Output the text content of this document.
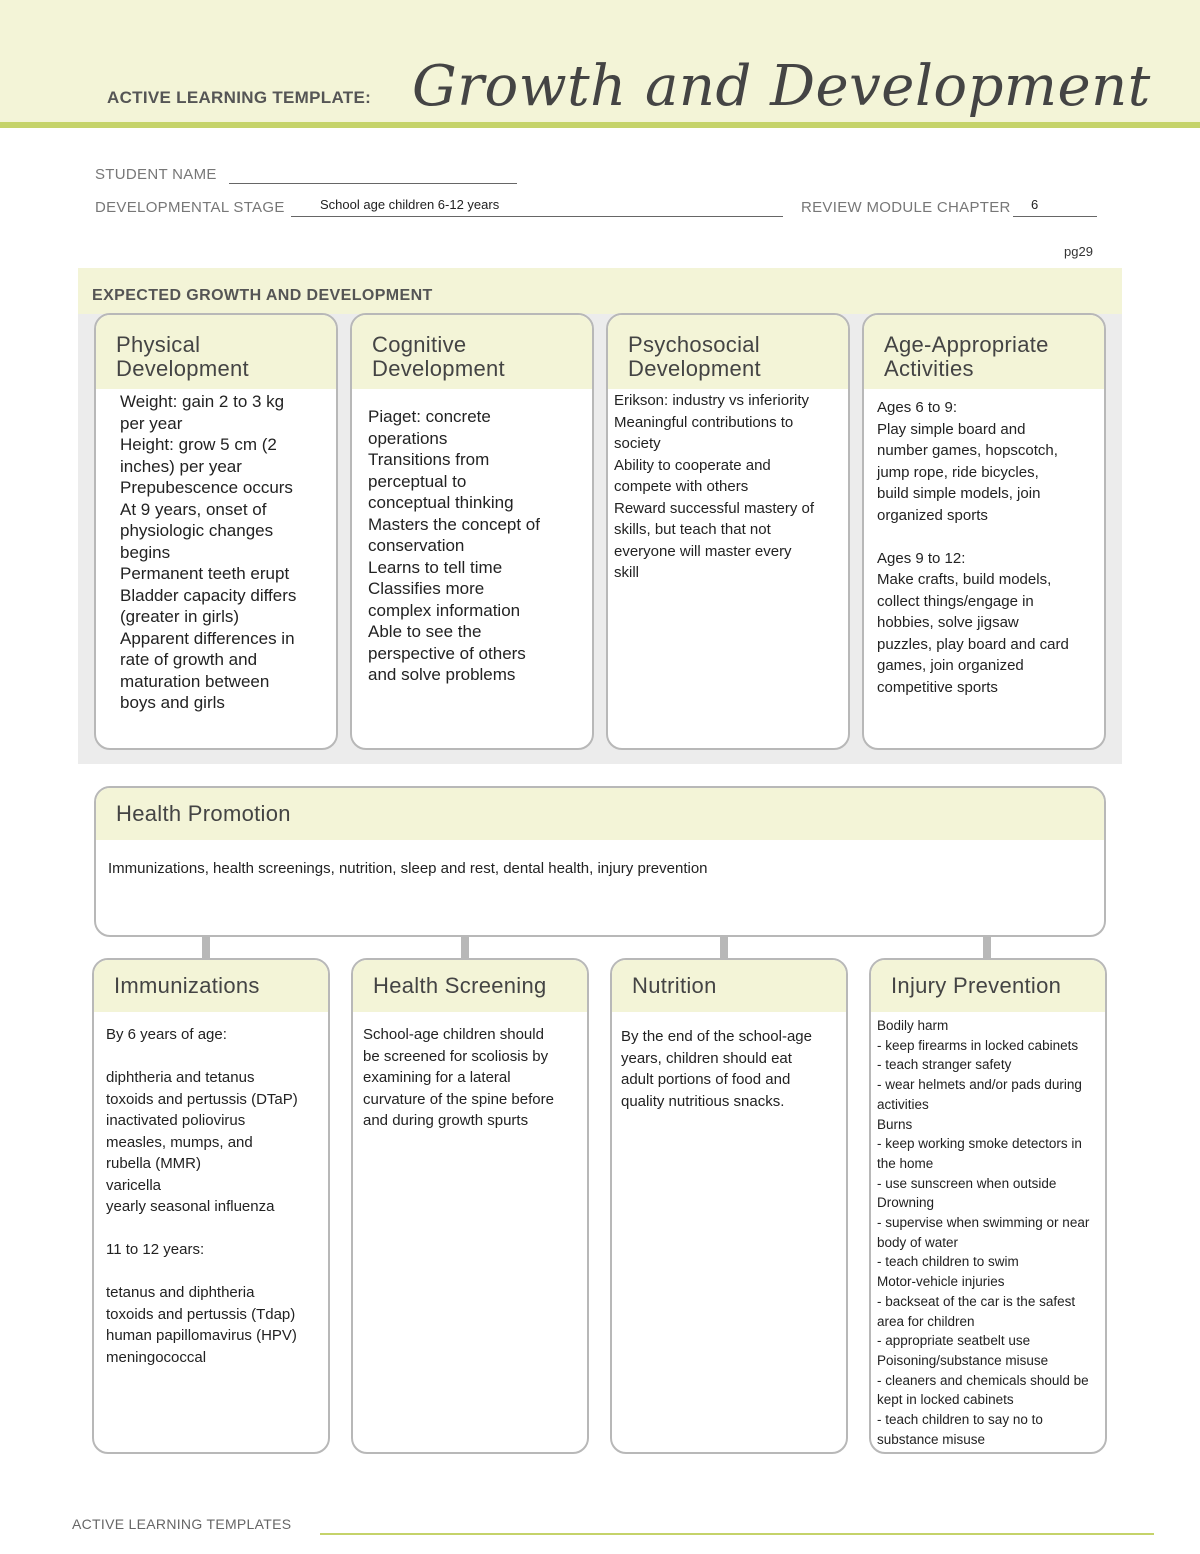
ACTIVE LEARNING TEMPLATE: Growth and Development
STUDENT NAME
DEVELOPMENTAL STAGE	School age children 6-12 years	REVIEW MODULE CHAPTER 6
pg29
EXPECTED GROWTH AND DEVELOPMENT
Physical
Development
Weight: gain 2 to 3 kg
per year
Height: grow 5 cm (2
inches) per year
Prepubescence occurs
At 9 years, onset of
physiologic changes
begins
Permanent teeth erupt
Bladder capacity differs
(greater in girls)
Apparent differences in
rate of growth and
maturation between
boys and girls
Cognitive
Development
Piaget: concrete
operations
Transitions from
perceptual to
conceptual thinking
Masters the concept of
conservation
Learns to tell time
Classifies more
complex information
Able to see the
perspective of others
and solve problems
Psychosocial
Development
Erikson: industry vs inferiority
Meaningful contributions to
society
Ability to cooperate and
compete with others
Reward successful mastery of
skills, but teach that not
everyone will master every
skill
Age-Appropriate
Activities
Ages 6 to 9:
Play simple board and
number games, hopscotch,
jump rope, ride bicycles,
build simple models, join
organized sports
Ages 9 to 12:
Make crafts, build models,
collect things/engage in
hobbies, solve jigsaw
puzzles, play board and card
games, join organized
competitive sports
Health Promotion
Immunizations, health screenings, nutrition, sleep and rest, dental health, injury prevention
Immunizations
By 6 years of age:
diphtheria and tetanus
toxoids and pertussis (DTaP)
inactivated poliovirus
measles, mumps, and
rubella (MMR)
varicella
yearly seasonal influenza
11 to 12 years:
tetanus and diphtheria
toxoids and pertussis (Tdap)
human papillomavirus (HPV)
meningococcal
Health Screening
School-age children should
be screened for scoliosis by
examining for a lateral
curvature of the spine before
and during growth spurts
Nutrition
By the end of the school-age
years, children should eat
adult portions of food and
quality nutritious snacks.
Injury Prevention
Bodily harm
- keep firearms in locked cabinets
- teach stranger safety
- wear helmets and/or pads during
activities
Burns
- keep working smoke detectors in
the home
- use sunscreen when outside
Drowning
- supervise when swimming or near
body of water
- teach children to swim
Motor-vehicle injuries
- backseat of the car is the safest
area for children
- appropriate seatbelt use
Poisoning/substance misuse
- cleaners and chemicals should be
kept in locked cabinets
- teach children to say no to
substance misuse
ACTIVE LEARNING TEMPLATES
